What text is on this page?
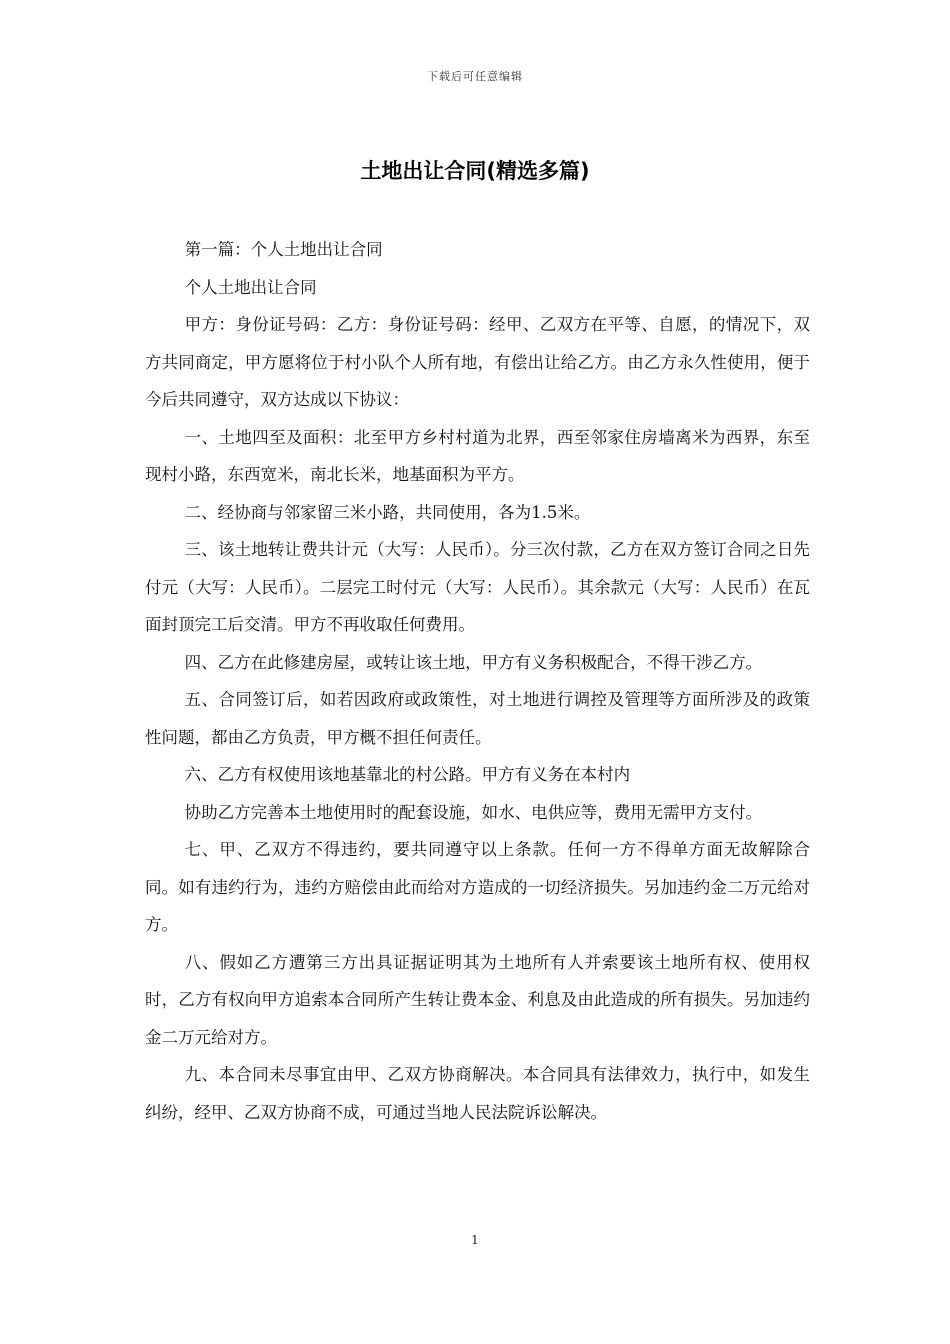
下载后可任意编辑
土地出让合同(精选多篇)

第一篇：个人土地出让合同

个人土地出让合同

甲方：身份证号码：乙方：身份证号码：经甲、乙双方在平等、自愿，的情况下，双方共同商定，甲方愿将位于村小队个人所有地，有偿出让给乙方。由乙方永久性使用，便于今后共同遵守，双方达成以下协议：

一、土地四至及面积：北至甲方乡村村道为北界，西至邻家住房墙离米为西界，东至现村小路，东西宽米，南北长米，地基面积为平方。

二、经协商与邻家留三米小路，共同使用，各为1.5米。

三、该土地转让费共计元（大写：人民币）。分三次付款，乙方在双方签订合同之日先付元（大写：人民币）。二层完工时付元（大写：人民币）。其余款元（大写：人民币）在瓦面封顶完工后交清。甲方不再收取任何费用。

四、乙方在此修建房屋，或转让该土地，甲方有义务积极配合，不得干涉乙方。

五、合同签订后，如若因政府或政策性，对土地进行调控及管理等方面所涉及的政策性问题，都由乙方负责，甲方概不担任何责任。

六、乙方有权使用该地基靠北的村公路。甲方有义务在本村内

协助乙方完善本土地使用时的配套设施，如水、电供应等，费用无需甲方支付。

七、甲、乙双方不得违约，要共同遵守以上条款。任何一方不得单方面无故解除合同。如有违约行为，违约方赔偿由此而给对方造成的一切经济损失。另加违约金二万元给对方。

八、假如乙方遭第三方出具证据证明其为土地所有人并索要该土地所有权、使用权时，乙方有权向甲方追索本合同所产生转让费本金、利息及由此造成的所有损失。另加违约金二万元给对方。

九、本合同未尽事宜由甲、乙双方协商解决。本合同具有法律效力，执行中，如发生纠纷，经甲、乙双方协商不成，可通过当地人民法院诉讼解决。

1
